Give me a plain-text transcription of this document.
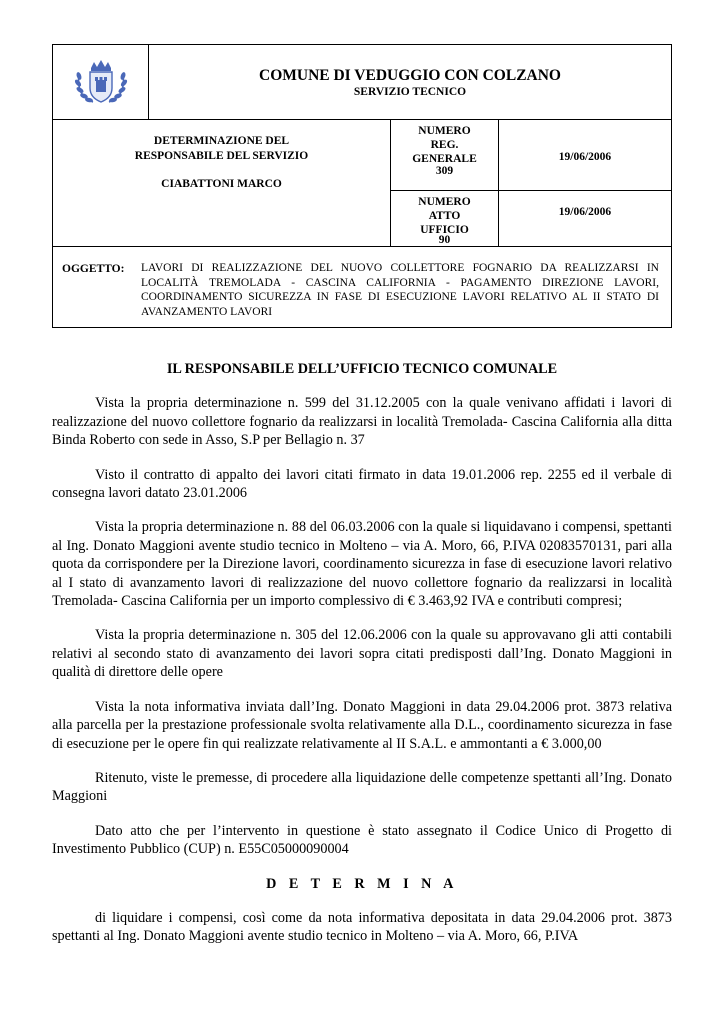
COMUNE DI VEDUGGIO CON COLZANO
SERVIZIO TECNICO
DETERMINAZIONE DEL RESPONSABILE DEL SERVIZIO
CIABATTONI MARCO
NUMERO REG. GENERALE
309
19/06/2006
NUMERO ATTO UFFICIO
90
19/06/2006
OGGETTO: LAVORI DI REALIZZAZIONE DEL NUOVO COLLETTORE FOGNARIO DA REALIZZARSI IN LOCALITÀ TREMOLADA - CASCINA CALIFORNIA - PAGAMENTO DIREZIONE LAVORI, COORDINAMENTO SICUREZZA IN FASE DI ESECUZIONE LAVORI RELATIVO AL II STATO DI AVANZAMENTO LAVORI
IL RESPONSABILE DELL’UFFICIO TECNICO COMUNALE
Vista la propria determinazione n. 599 del 31.12.2005 con la quale venivano affidati i lavori di realizzazione del nuovo collettore fognario da realizzarsi in località Tremolada- Cascina California alla ditta Binda Roberto con sede in Asso, S.P per Bellagio n. 37
Visto il contratto di appalto dei lavori citati firmato in data 19.01.2006 rep. 2255 ed il verbale di consegna lavori datato 23.01.2006
Vista la propria determinazione n. 88 del 06.03.2006 con la quale si liquidavano i compensi, spettanti al Ing. Donato Maggioni avente studio tecnico in Molteno – via A. Moro, 66, P.IVA 02083570131, pari alla quota da corrispondere per la Direzione lavori, coordinamento sicurezza in fase di esecuzione lavori relativo al I stato di avanzamento lavori di realizzazione del nuovo collettore fognario da realizzarsi in località Tremolada- Cascina California per un importo complessivo di € 3.463,92 IVA e contributi compresi;
Vista la propria determinazione n. 305 del 12.06.2006 con la quale su approvavano gli atti contabili relativi al secondo stato di avanzamento dei lavori sopra citati predisposti dall’Ing. Donato Maggioni in qualità di direttore delle opere
Vista la nota informativa inviata dall’Ing. Donato Maggioni in data 29.04.2006 prot. 3873 relativa alla parcella per la prestazione professionale svolta relativamente alla D.L., coordinamento sicurezza in fase di esecuzione per le opere fin qui realizzate relativamente al II S.A.L. e ammontanti a € 3.000,00
Ritenuto, viste le premesse, di procedere alla liquidazione delle competenze spettanti all’Ing. Donato Maggioni
Dato atto che per l’intervento in questione è stato assegnato il Codice Unico di Progetto di Investimento Pubblico (CUP) n. E55C05000090004
D E T E R M I N A
di liquidare i compensi, così come da nota informativa depositata in data 29.04.2006 prot. 3873 spettanti al Ing. Donato Maggioni avente studio tecnico in Molteno – via A. Moro, 66, P.IVA
